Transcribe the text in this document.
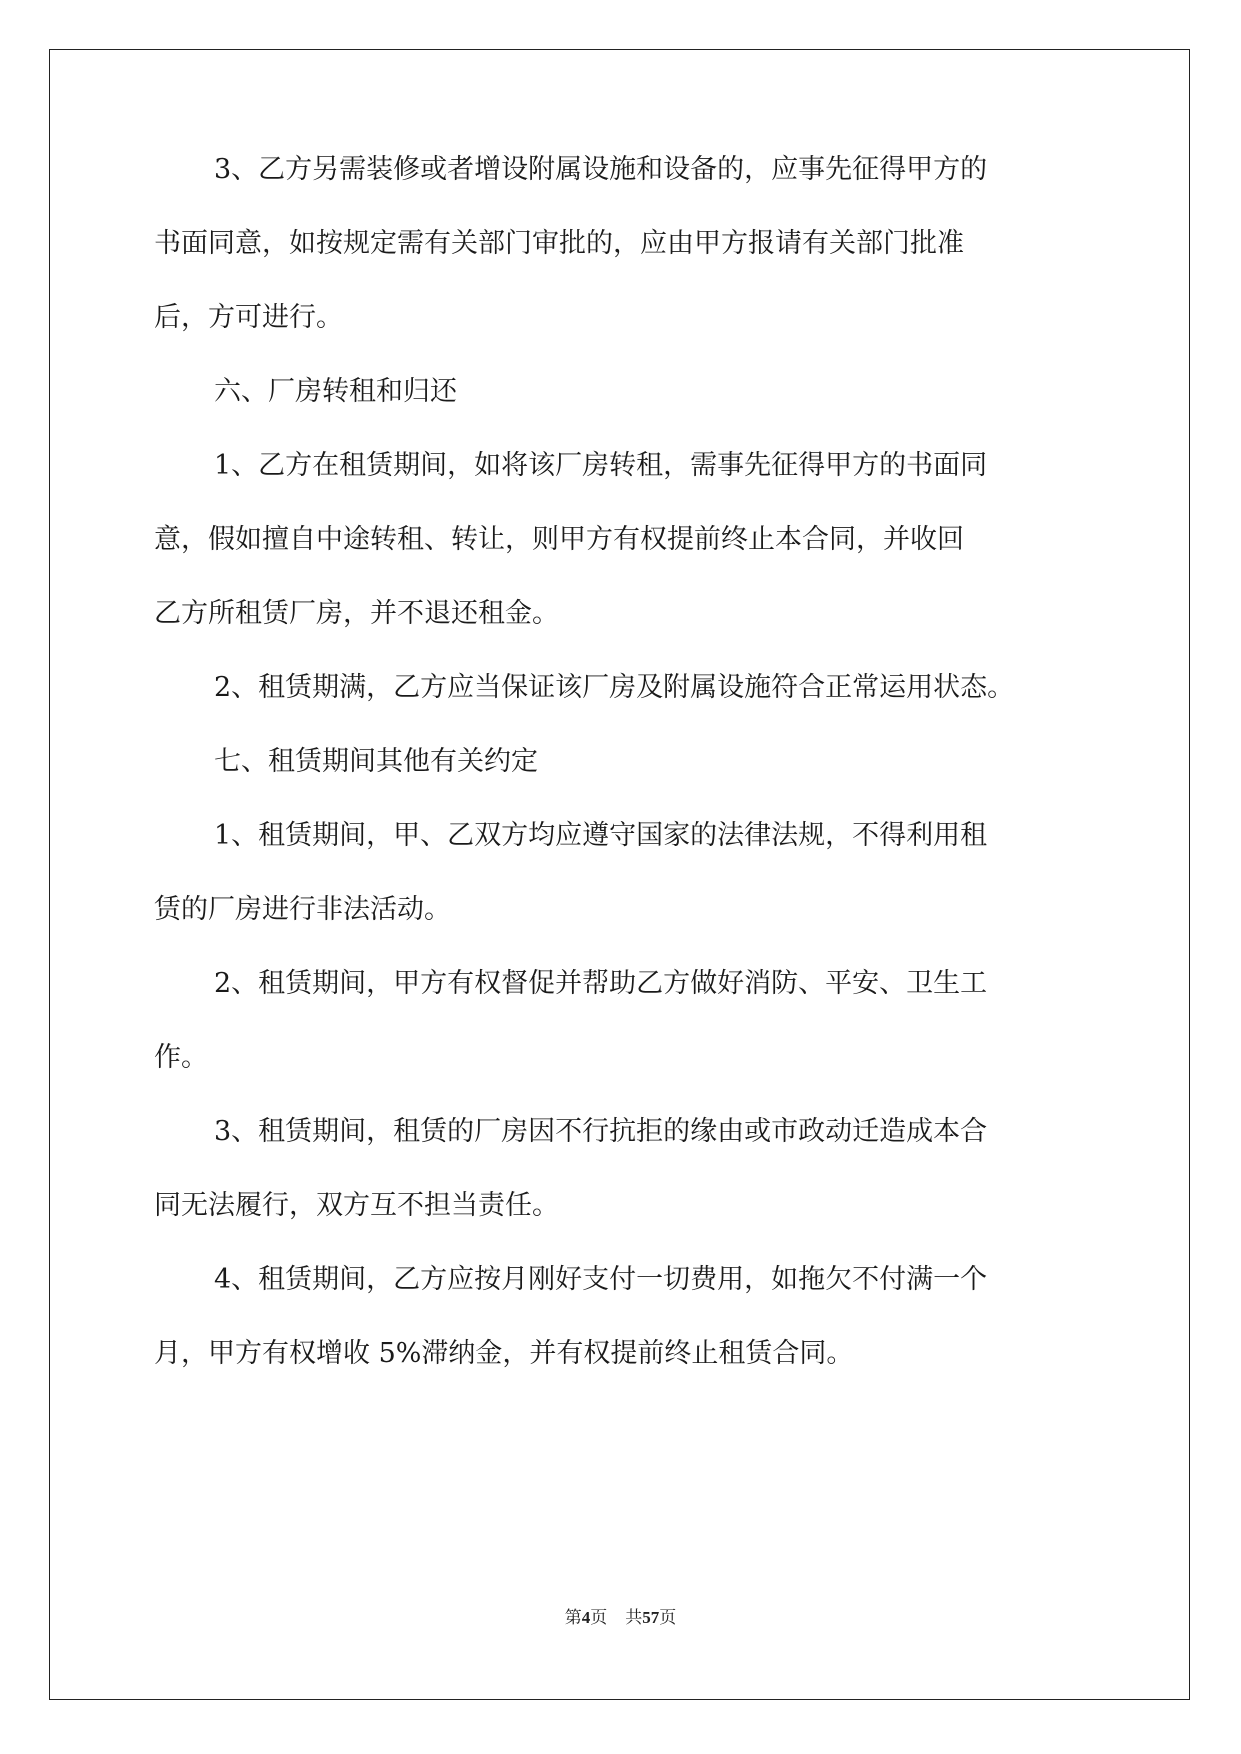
3、乙方另需装修或者增设附属设施和设备的，应事先征得甲方的
书面同意，如按规定需有关部门审批的，应由甲方报请有关部门批准
后，方可进行。
六、厂房转租和归还
1、乙方在租赁期间，如将该厂房转租，需事先征得甲方的书面同
意，假如擅自中途转租、转让，则甲方有权提前终止本合同，并收回
乙方所租赁厂房，并不退还租金。
2、租赁期满，乙方应当保证该厂房及附属设施符合正常运用状态。
七、租赁期间其他有关约定
1、租赁期间，甲、乙双方均应遵守国家的法律法规，不得利用租
赁的厂房进行非法活动。
2、租赁期间，甲方有权督促并帮助乙方做好消防、平安、卫生工
作。
3、租赁期间，租赁的厂房因不行抗拒的缘由或市政动迁造成本合
同无法履行，双方互不担当责任。
4、租赁期间，乙方应按月刚好支付一切费用，如拖欠不付满一个
月，甲方有权增收 5%滞纳金，并有权提前终止租赁合同。
第4页 共57页
